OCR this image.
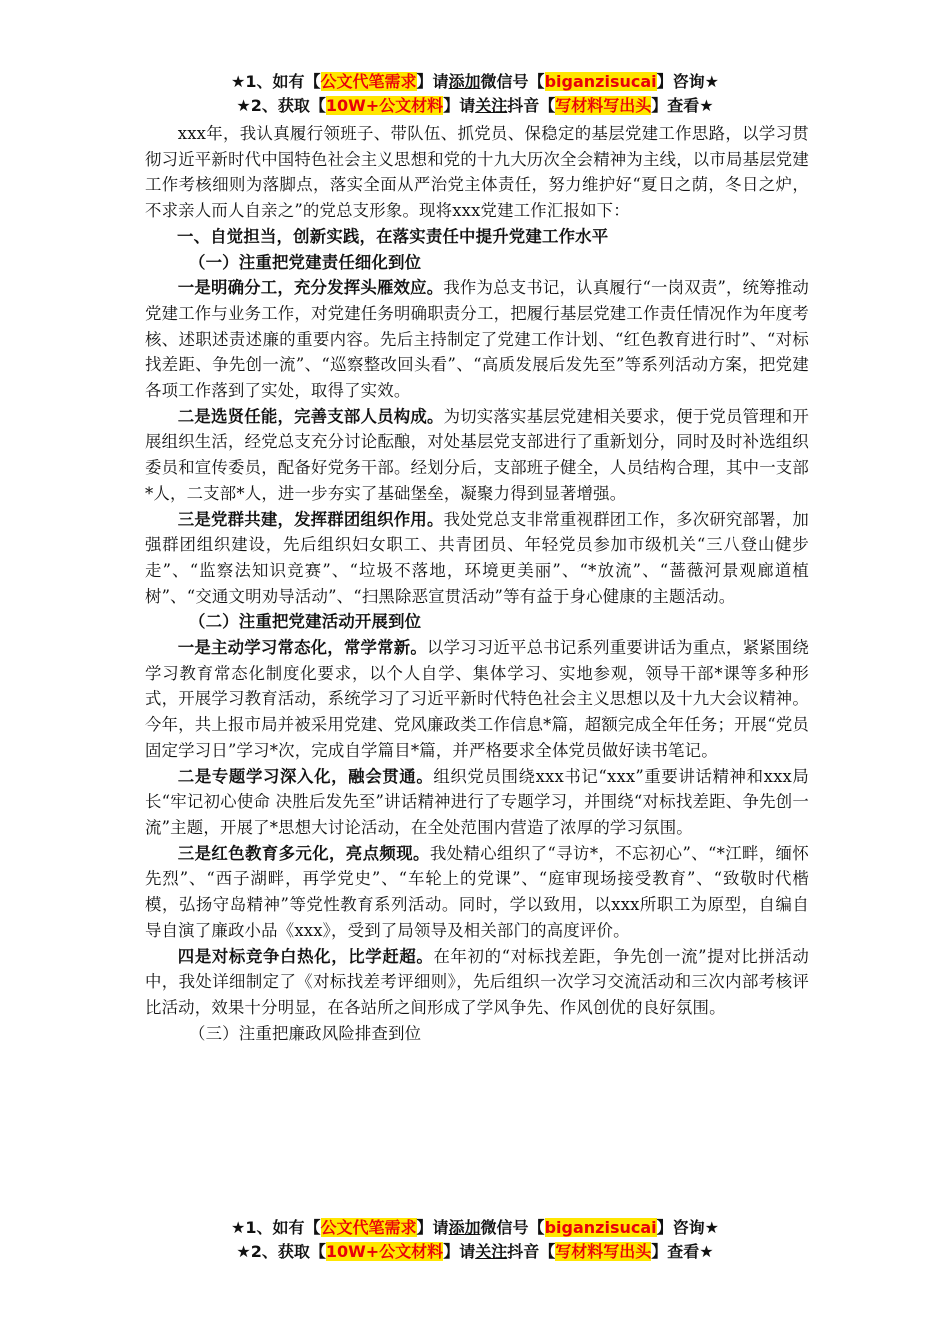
★1、如有【公文代笔需求】请添加微信号【biganzisucai】咨询★
★2、获取【10W+公文材料】请关注抖音【写材料写出头】查看★

xxx年，我认真履行领班子、带队伍、抓党员、保稳定的基层党建工作思路，以学习贯彻习近平新时代中国特色社会主义思想和党的十九大历次全会精神为主线，以市局基层党建工作考核细则为落脚点，落实全面从严治党主体责任，努力维护好“夏日之荫，冬日之炉，不求亲人而人自亲之”的党总支形象。现将xxx党建工作汇报如下：

一、自觉担当，创新实践，在落实责任中提升党建工作水平

（一）注重把党建责任细化到位

一是明确分工，充分发挥头雁效应。我作为总支书记，认真履行“一岗双责”，统筹推动党建工作与业务工作，对党建任务明确职责分工，把履行基层党建工作责任情况作为年度考核、述职述责述廉的重要内容。先后主持制定了党建工作计划、“红色教育进行时”、“对标找差距、争先创一流”、“巡察整改回头看”、“高质发展后发先至”等系列活动方案，把党建各项工作落到了实处，取得了实效。

二是选贤任能，完善支部人员构成。为切实落实基层党建相关要求，便于党员管理和开展组织生活，经党总支充分讨论酝酿，对处基层党支部进行了重新划分，同时及时补选组织委员和宣传委员，配备好党务干部。经划分后，支部班子健全，人员结构合理，其中一支部*人，二支部*人，进一步夯实了基础堡垒，凝聚力得到显著增强。

三是党群共建，发挥群团组织作用。我处党总支非常重视群团工作，多次研究部署，加强群团组织建设，先后组织妇女职工、共青团员、年轻党员参加市级机关“三八登山健步走”、“监察法知识竞赛”、“垃圾不落地，环境更美丽”、“*放流”、“蔷薇河景观廊道植树”、“交通文明劝导活动”、“扫黑除恶宣贯活动”等有益于身心健康的主题活动。

（二）注重把党建活动开展到位

一是主动学习常态化，常学常新。以学习习近平总书记系列重要讲话为重点，紧紧围绕学习教育常态化制度化要求，以个人自学、集体学习、实地参观，领导干部*课等多种形式，开展学习教育活动，系统学习了习近平新时代特色社会主义思想以及十九大会议精神。今年，共上报市局并被采用党建、党风廉政类工作信息*篇，超额完成全年任务；开展“党员固定学习日”学习*次，完成自学篇目*篇，并严格要求全体党员做好读书笔记。

二是专题学习深入化，融会贯通。组织党员围绕xxx书记“xxx”重要讲话精神和xxx局长“牢记初心使命 决胜后发先至”讲话精神进行了专题学习，并围绕“对标找差距、争先创一流”主题，开展了*思想大讨论活动，在全处范围内营造了浓厚的学习氛围。

三是红色教育多元化，亮点频现。我处精心组织了“寻访*，不忘初心”、“*江畔，缅怀先烈”、“西子湖畔，再学党史”、“车轮上的党课”、“庭审现场接受教育”、“致敬时代楷模，弘扬守岛精神”等党性教育系列活动。同时，学以致用，以xxx所职工为原型，自编自导自演了廉政小品《xxx》，受到了局领导及相关部门的高度评价。

四是对标竞争白热化，比学赶超。在年初的“对标找差距，争先创一流”提对比拼活动中，我处详细制定了《对标找差考评细则》，先后组织一次学习交流活动和三次内部考核评比活动，效果十分明显，在各站所之间形成了学风争先、作风创优的良好氛围。

（三）注重把廉政风险排查到位

★1、如有【公文代笔需求】请添加微信号【biganzisucai】咨询★
★2、获取【10W+公文材料】请关注抖音【写材料写出头】查看★
